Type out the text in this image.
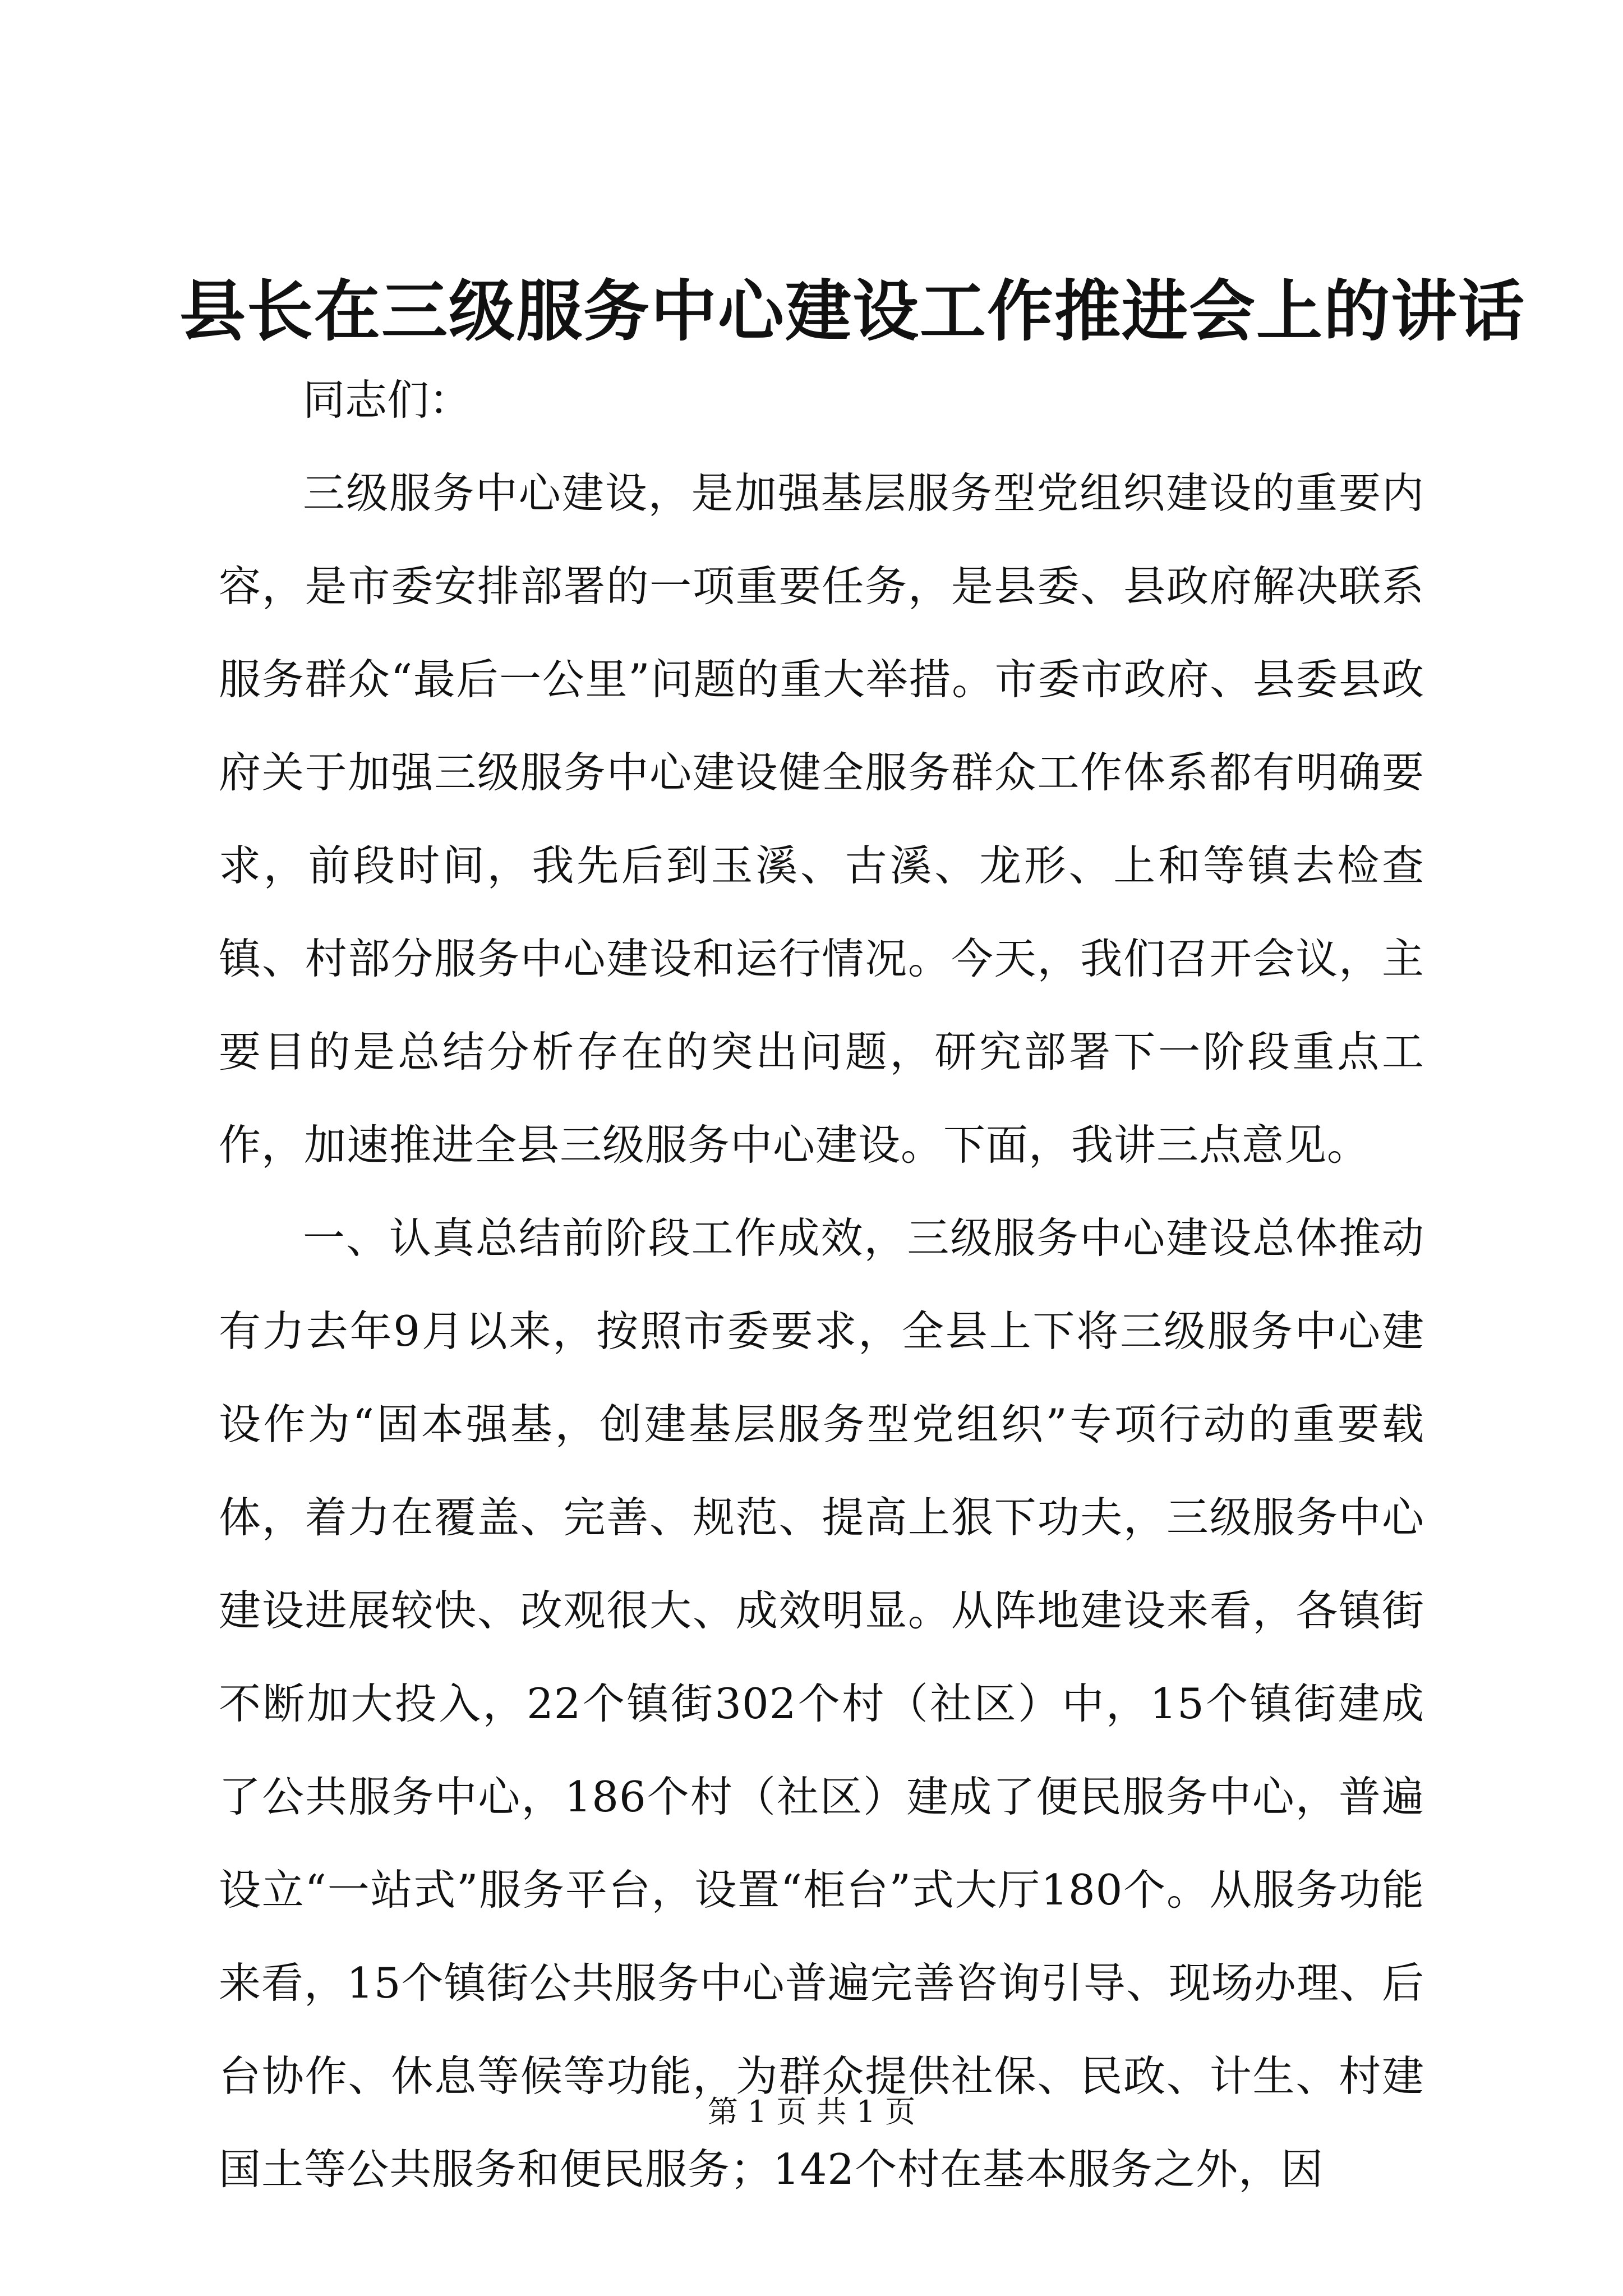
县长在三级服务中心建设工作推进会上的讲话

同志们：

三级服务中心建设，是加强基层服务型党组织建设的重要内容，是市委安排部署的一项重要任务，是县委、县政府解决联系服务群众“最后一公里”问题的重大举措。市委市政府、县委县政府关于加强三级服务中心建设健全服务群众工作体系都有明确要求，前段时间，我先后到玉溪、古溪、龙形、上和等镇去检查镇、村部分服务中心建设和运行情况。今天，我们召开会议，主要目的是总结分析存在的突出问题，研究部署下一阶段重点工作，加速推进全县三级服务中心建设。下面，我讲三点意见。

一、认真总结前阶段工作成效，三级服务中心建设总体推动有力去年9月以来，按照市委要求，全县上下将三级服务中心建设作为“固本强基，创建基层服务型党组织”专项行动的重要载体，着力在覆盖、完善、规范、提高上狠下功夫，三级服务中心建设进展较快、改观很大、成效明显。从阵地建设来看，各镇街不断加大投入，22个镇街302个村（社区）中，15个镇街建成了公共服务中心，186个村（社区）建成了便民服务中心，普遍设立“一站式”服务平台，设置“柜台”式大厅180个。从服务功能来看，15个镇街公共服务中心普遍完善咨询引导、现场办理、后台协作、休息等候等功能，为群众提供社保、民政、计生、村建国土等公共服务和便民服务；142个村在基本服务之外，因

第 1 页 共 1 页
